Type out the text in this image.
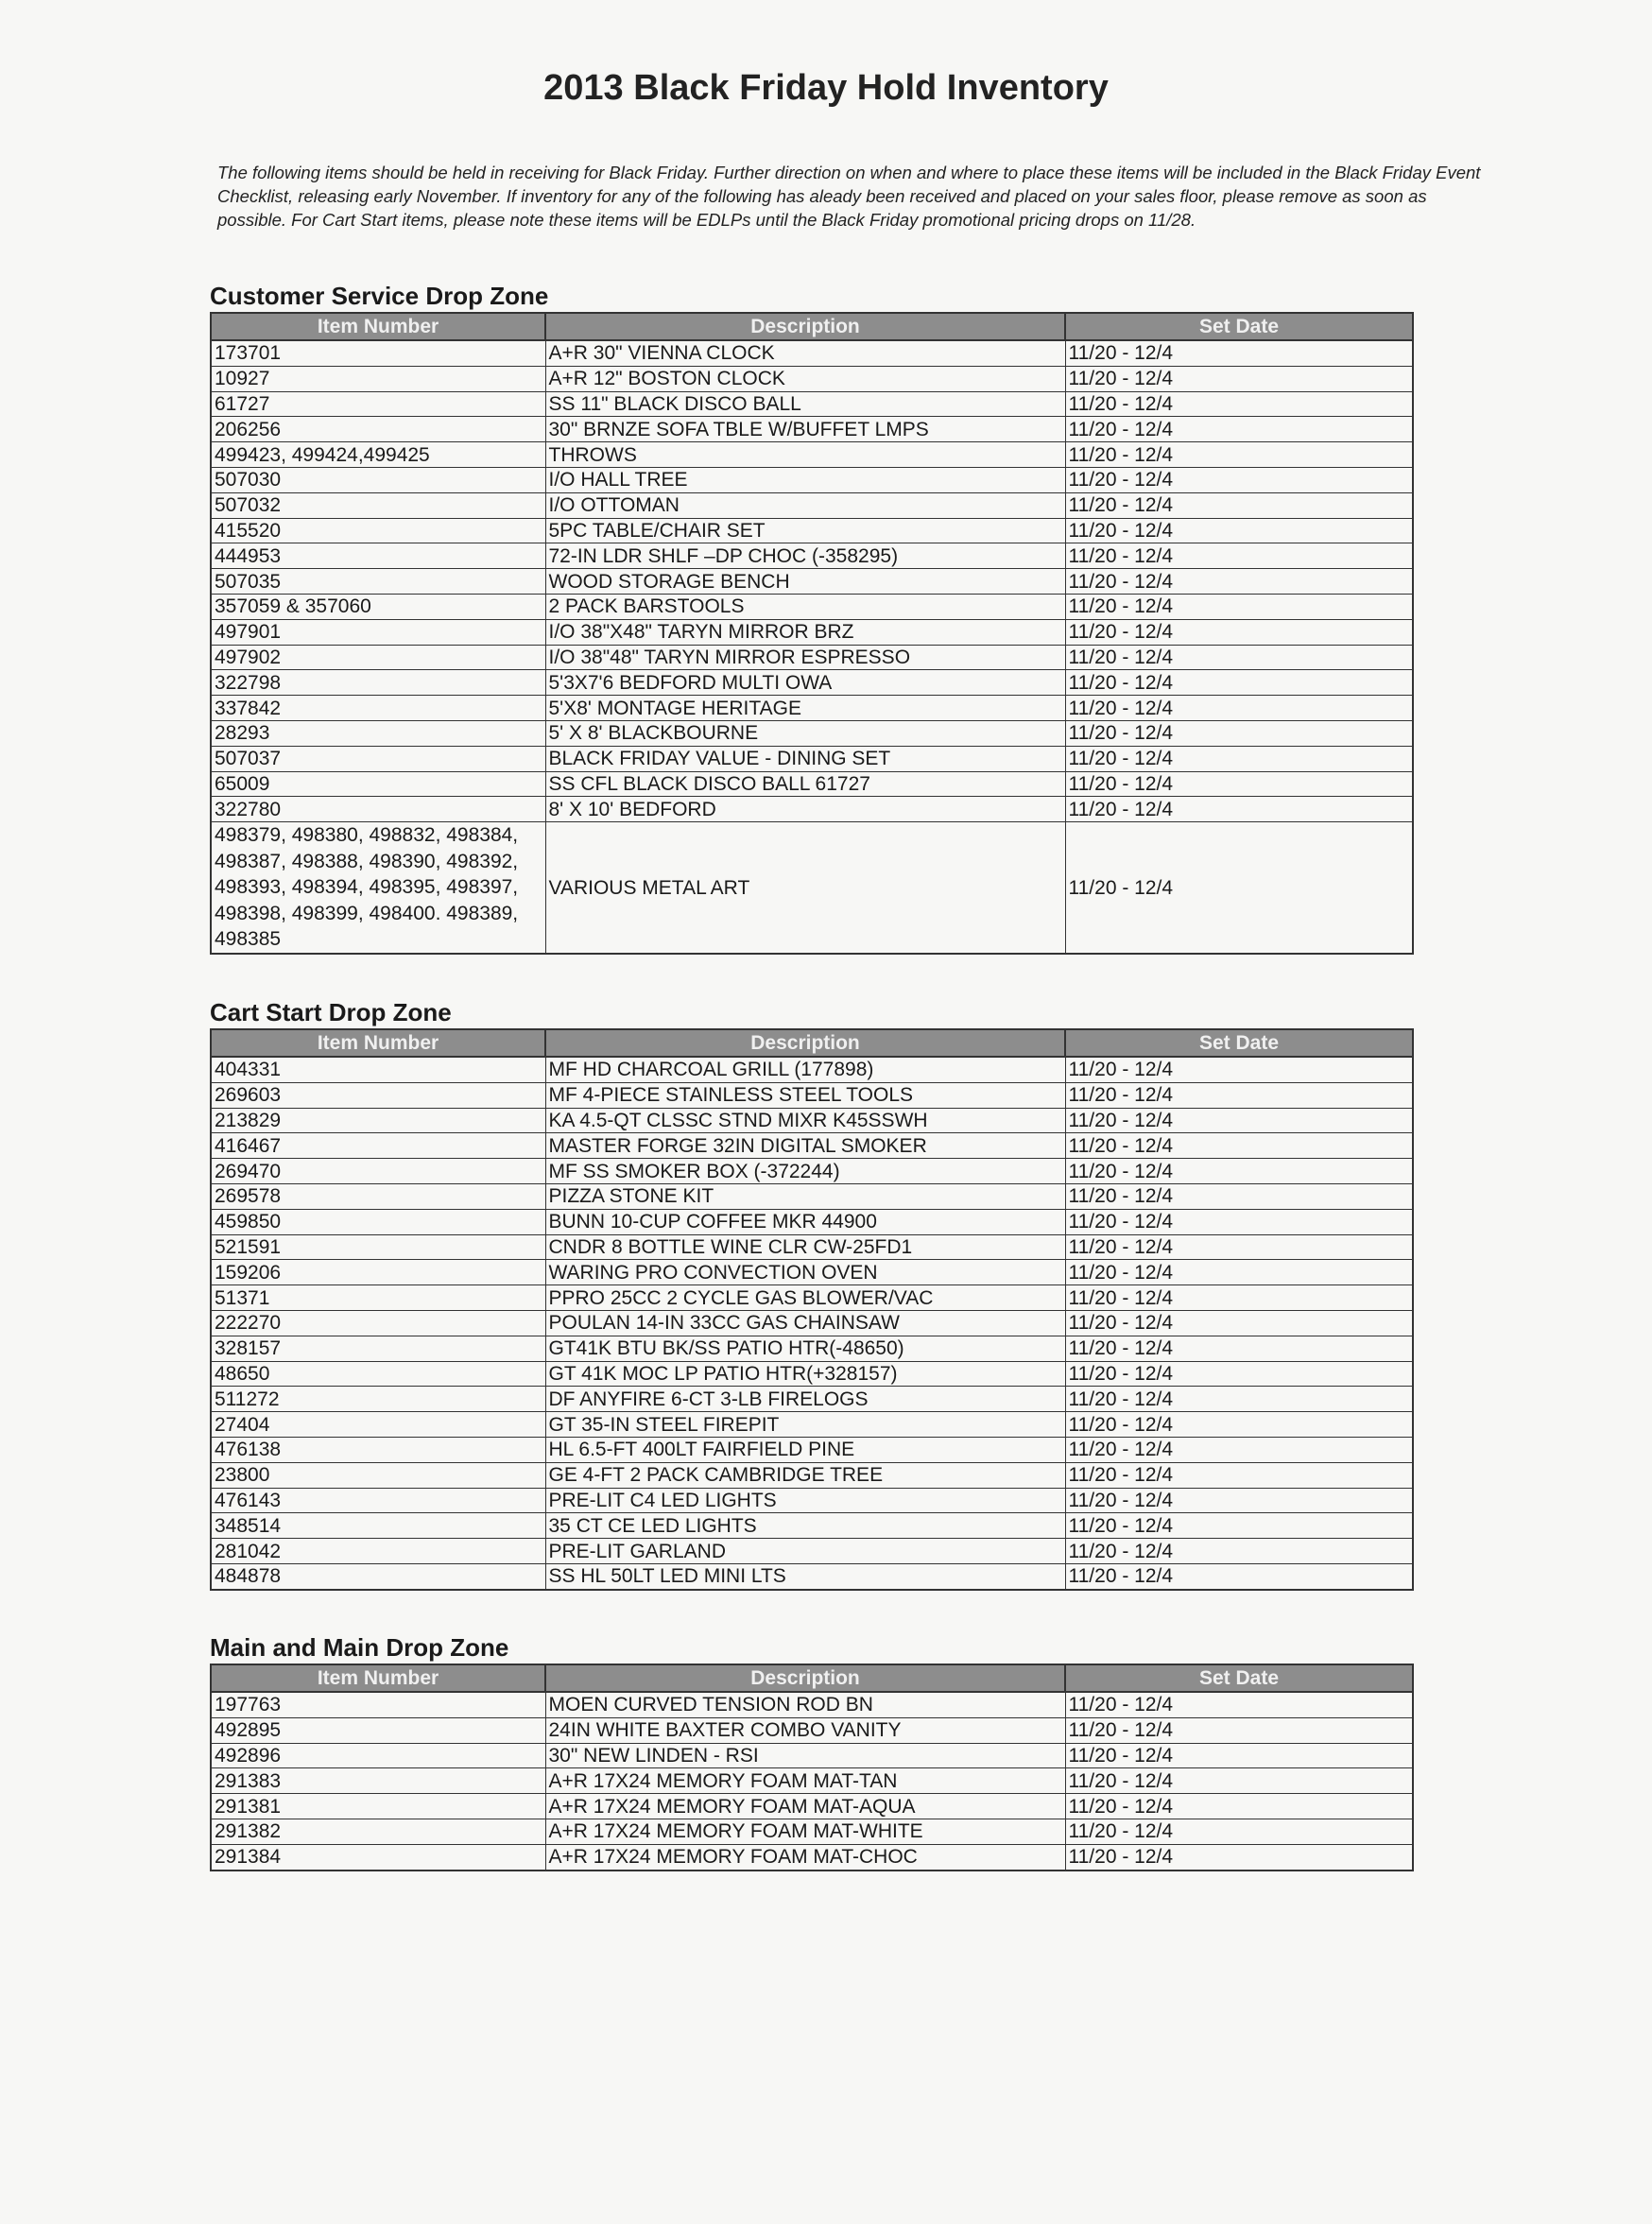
2013 Black Friday Hold Inventory
The following items should be held in receiving for Black Friday. Further direction on when and where to place these items will be included in the Black Friday Event Checklist, releasing early November. If inventory for any of the following has aleady been received and placed on your sales floor, please remove as soon as possible. For Cart Start items, please note these items will be EDLPs until the Black Friday promotional pricing drops on 11/28.
Customer Service Drop Zone
Item Number	Description	Set Date
173701	A+R 30" VIENNA CLOCK	11/20 - 12/4
10927	A+R 12" BOSTON CLOCK	11/20 - 12/4
61727	SS 11" BLACK DISCO BALL	11/20 - 12/4
206256	30" BRNZE SOFA TBLE W/BUFFET LMPS	11/20 - 12/4
499423, 499424,499425	THROWS	11/20 - 12/4
507030	I/O HALL TREE	11/20 - 12/4
507032	I/O OTTOMAN	11/20 - 12/4
415520	5PC TABLE/CHAIR SET	11/20 - 12/4
444953	72-IN LDR SHLF –DP CHOC (-358295)	11/20 - 12/4
507035	WOOD STORAGE BENCH	11/20 - 12/4
357059 & 357060	2 PACK BARSTOOLS	11/20 - 12/4
497901	I/O 38"X48" TARYN MIRROR BRZ	11/20 - 12/4
497902	I/O 38"48" TARYN MIRROR ESPRESSO	11/20 - 12/4
322798	5'3X7'6 BEDFORD MULTI OWA	11/20 - 12/4
337842	5'X8' MONTAGE HERITAGE	11/20 - 12/4
28293	5' X 8' BLACKBOURNE	11/20 - 12/4
507037	BLACK FRIDAY VALUE - DINING SET	11/20 - 12/4
65009	SS CFL BLACK DISCO BALL 61727	11/20 - 12/4
322780	8' X 10' BEDFORD	11/20 - 12/4
498379, 498380, 498832, 498384, 498387, 498388, 498390, 498392, 498393, 498394, 498395, 498397, 498398, 498399, 498400. 498389, 498385	VARIOUS METAL ART	11/20 - 12/4
Cart Start Drop Zone
Item Number	Description	Set Date
404331	MF HD CHARCOAL GRILL (177898)	11/20 - 12/4
269603	MF 4-PIECE STAINLESS STEEL TOOLS	11/20 - 12/4
213829	KA 4.5-QT CLSSC STND MIXR K45SSWH	11/20 - 12/4
416467	MASTER FORGE 32IN DIGITAL SMOKER	11/20 - 12/4
269470	MF SS SMOKER BOX (-372244)	11/20 - 12/4
269578	PIZZA STONE KIT	11/20 - 12/4
459850	BUNN 10-CUP COFFEE MKR 44900	11/20 - 12/4
521591	CNDR 8 BOTTLE WINE CLR CW-25FD1	11/20 - 12/4
159206	WARING PRO CONVECTION OVEN	11/20 - 12/4
51371	PPRO 25CC 2 CYCLE GAS BLOWER/VAC	11/20 - 12/4
222270	POULAN 14-IN 33CC GAS CHAINSAW	11/20 - 12/4
328157	GT41K BTU BK/SS PATIO HTR(-48650)	11/20 - 12/4
48650	GT 41K MOC LP PATIO HTR(+328157)	11/20 - 12/4
511272	DF ANYFIRE 6-CT 3-LB FIRELOGS	11/20 - 12/4
27404	GT 35-IN STEEL FIREPIT	11/20 - 12/4
476138	HL 6.5-FT 400LT FAIRFIELD PINE	11/20 - 12/4
23800	GE 4-FT 2 PACK CAMBRIDGE TREE	11/20 - 12/4
476143	PRE-LIT C4 LED LIGHTS	11/20 - 12/4
348514	35 CT CE LED LIGHTS	11/20 - 12/4
281042	PRE-LIT GARLAND	11/20 - 12/4
484878	SS HL 50LT LED MINI LTS	11/20 - 12/4
Main and Main Drop Zone
Item Number	Description	Set Date
197763	MOEN CURVED TENSION ROD BN	11/20 - 12/4
492895	24IN WHITE BAXTER COMBO VANITY	11/20 - 12/4
492896	30" NEW LINDEN - RSI	11/20 - 12/4
291383	A+R 17X24 MEMORY FOAM MAT-TAN	11/20 - 12/4
291381	A+R 17X24 MEMORY FOAM MAT-AQUA	11/20 - 12/4
291382	A+R 17X24 MEMORY FOAM MAT-WHITE	11/20 - 12/4
291384	A+R 17X24 MEMORY FOAM MAT-CHOC	11/20 - 12/4
